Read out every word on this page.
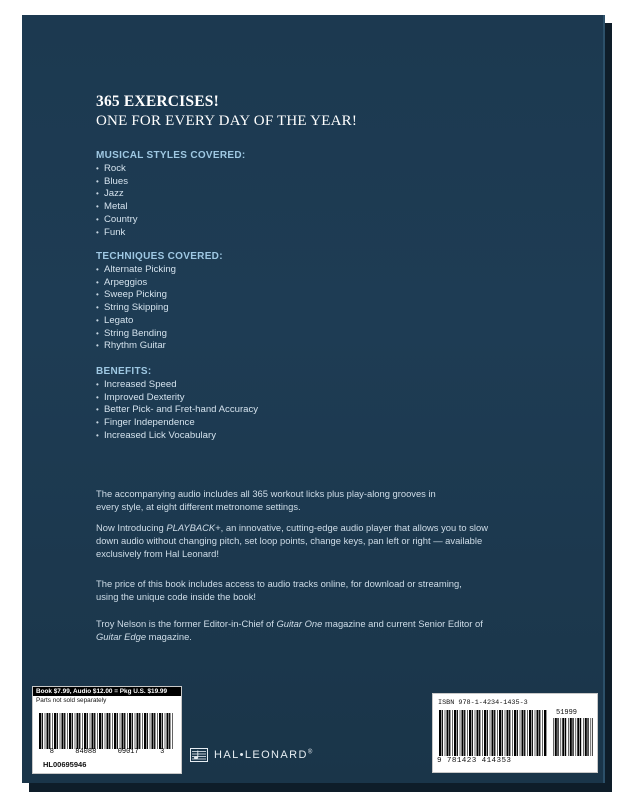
365 EXERCISES!
ONE FOR EVERY DAY OF THE YEAR!
MUSICAL STYLES COVERED:
• Rock
• Blues
• Jazz
• Metal
• Country
• Funk
TECHNIQUES COVERED:
• Alternate Picking
• Arpeggios
• Sweep Picking
• String Skipping
• Legato
• String Bending
• Rhythm Guitar
BENEFITS:
• Increased Speed
• Improved Dexterity
• Better Pick- and Fret-hand Accuracy
• Finger Independence
• Increased Lick Vocabulary

The accompanying audio includes all 365 workout licks plus play-along grooves in every style, at eight different metronome settings.

Now Introducing PLAYBACK+, an innovative, cutting-edge audio player that allows you to slow down audio without changing pitch, set loop points, change keys, pan left or right — available exclusively from Hal Leonard!

The price of this book includes access to audio tracks online, for download or streaming, using the unique code inside the book!

Troy Nelson is the former Editor-in-Chief of Guitar One magazine and current Senior Editor of Guitar Edge magazine.

Book $7.99, Audio $12.00 = Pkg U.S. $19.99
Parts not sold separately
8	84088	09017	3
HL00695946
HAL•LEONARD®
ISBN 978-1-4234-1435-3
51999
9 781423 414353
